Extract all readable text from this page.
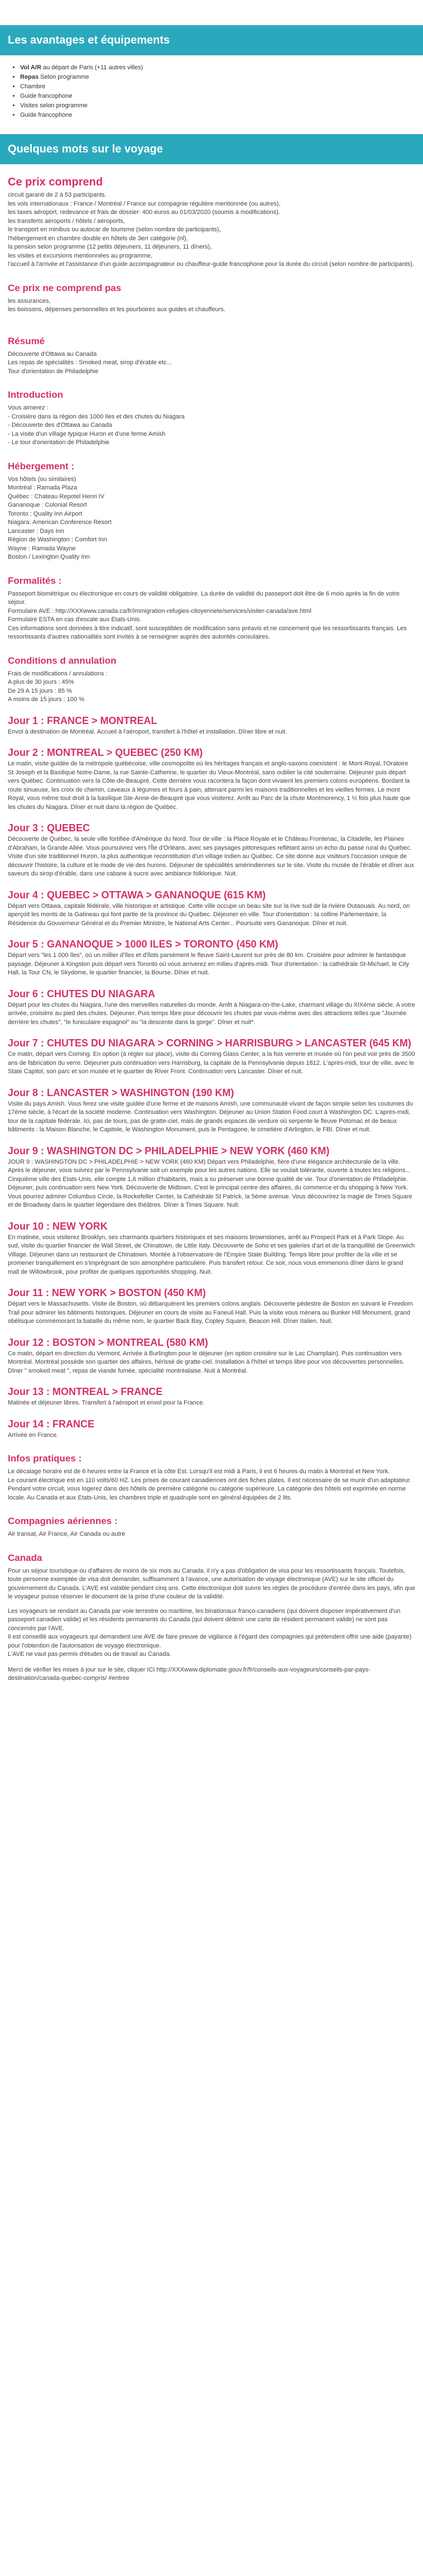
Les avantages et équipements
• Vol A/R au départ de Paris (+11 autres villes)
• Repas Selon programme
• Chambre
• Guide francophone
• Visites selon programme
• Guide francophone
Quelques mots sur le voyage
Ce prix comprend
circuit garanti de 2 à 53 participants.
les vols internationaux : France / Montréal / France sur compagnie régulière mentionnée (ou autres),
les taxes aéroport, redevance et frais de dossier: 400 euros au 01/03/2020 (soumis à modifications).
les transferts aéroports / hôtels / aéroports,
le transport en minibus ou autocar de tourisme (selon nombre de participants),
l'hébergement en chambre double en hôtels de 3err catégorie (nl),
la pension selon programme (12 petits déjeuners, 11 déjeuners, 11 dîners),
les visites et excursions mentionnées au programme,
l'accueil à l'arrivée et l'assistance d'un guide accompagnateur ou chauffeur-guide francophone pour la durée du circuit (selon nombre de participants).
Ce prix ne comprend pas
les assurances,
les boissons, dépenses personnelles et les pourboires aux guides et chauffeurs.
Résumé
Découverte d'Ottawa au Canada
Les repas de spécialités : Smoked meat, sirop d'érable etc...
Tour d'orientation de Philadelphie
Introduction
Vous aimerez :
- Croisière dans la région des 1000 Iles et des chutes du Niagara
- Découverte des d'Ottawa au Canada
- La visite d'un village typique Huron et d'une ferme Amish
- Le tour d'orientation de Philadelphie
Hébergement :
Vos hôtels (ou similaires)
Montréal : Ramada Plaza
Québec : Chateau Repotel Henri IV
Gananoque : Colonial Resort
Toronto : Quality Inn Airport
Niagara: American Conference Resort
Lancaster : Days Inn
Région de Washington : Comfort Inn
Wayne : Ramada Wayne
Boston / Lexington Quality Inn
Formalités :
Passeport biométrique ou électronique en cours de validité obligatoire. La durée de validité du passeport doit être de 6 mois après la fin de votre séjour.
Formulaire AVE : http://XXXwww.canada.ca/fr/immigration-refugies-citoyennete/services/visiter-canada/ave.html
Formulaire ESTA en cas d'escale aux Etats-Unis.
Ces informations sont données à titre indicatif, sont susceptibles de modification sans préavis et ne concernent que les ressortissants français. Les ressortissants d'autres nationalités sont invités à se renseigner auprès des autorités consulaires.
Conditions d annulation
Frais de modifications / annulations :
A plus de 30 jours : 45%
De 29 A 15 jours : 85 %
A moins de 15 jours : 100 %
Jour 1 : FRANCE > MONTREAL

Envol à destination de Montréal. Accueil à l'aéroport, transfert à l'hôtel et installation. Dîner libre et nuit.

Jour 2 : MONTREAL > QUEBEC (250 KM)

Le matin, visite guidée de la métropole québécoise, ville cosmopolite où les héritages français et anglo-saxons coexistent : le Mont-Royal, l'Oratoire St Joseph et la Basilique Notre-Dame, la rue Sainte-Catherine, le quartier du Vieux-Montréal, sans oublier la cité souterraine. Déjeuner puis départ vers Québec. Continuation vers la Côte-de-Beaupré. Cette dernière vous racontera la façon dont vivaient les premiers colons européens. Bordant la route sinueuse, les croix de chemin, caveaux à légumes et fours à pain, attenant parmi les maisons traditionnelles et les vieilles fermes. Le mont Royal, vous même tout droit à la basilique Ste-Anne-de-Beaupré que vous visiterez. Arrêt au Parc de la chute Montmorency, 1 ½ fois plus haute que les chutes du Niagara. Dîner et nuit dans la région de Québec.

Jour 3 : QUEBEC

Découverte de Québec, la seule ville fortifiée d'Amérique du Nord. Tour de ville : la Place Royale et le Château Frontenac, la Citadelle, les Plaines d'Abraham, la Grande Allée. Vous poursuivrez vers l'Île d'Orléans, avec ses paysages pittoresques reflétant ainsi un écho du passé rural du Québec. Visite d'un site traditionnel Huron, la plus authentique reconstitution d'un village indien au Québec. Ce site donne aux visiteurs l'occasion unique de découvrir l'histoire, la culture et le mode de vie des hurons. Déjeuner de spécialités amérindiennes sur le site. Visite du musée de l'érable et dîner aux saveurs du sirop d'érable, dans une cabane à sucre avec ambiance folklorique. Nuit.

Jour 4 : QUEBEC > OTTAWA > GANANOQUE (615 KM)

Départ vers Ottawa, capitale fédérale, ville historique et artistique. Cette ville occupe un beau site sur la rive sud de la rivière Outaouais. Au nord, on aperçoit les monts de la Gatineau qui font partie de la province du Québec. Déjeuner en ville. Tour d'orientation : la colline Parlementaire, la Résidence du Gouverneur Général et du Premier Ministre, le National Arts Center... Poursuite vers Gananoque. Dîner et nuit.

Jour 5 : GANANOQUE > 1000 ILES > TORONTO (450 KM)

Départ vers "les 1 000 îles", où un millier d'îles et d'îlots parsèment le fleuve Saint-Laurent sur près de 80 km. Croisière pour admirer le fantastique paysage. Déjeuner à Kingston puis départ vers Toronto où vous arriverez en milieu d'après-midi. Tour d'orientation : la cathédrale St-Michael, le City Hall, la Tour CN, le Skydome, le quartier financier, la Bourse. Dîner et nuit.

Jour 6 : CHUTES DU NIAGARA

Départ pour les chutes du Niagara, l'une des merveilles naturelles du monde. Arrêt à Niagara-on-the-Lake, charmant village du XIXème siècle. A votre arrivée, croisière au pied des chutes. Déjeuner. Puis temps libre pour découvrir les chutes par vous-même avec des attractions telles que "Journée derrière les chutes", "le funiculaire espagnol" ou "la descente dans la gorge". Dîner et nuit*.

Jour 7 : CHUTES DU NIAGARA > CORNING > HARRISBURG > LANCASTER (645 KM)

Ce matin, départ vers Corning. En option (à régler sur place), visite du Corning Glass Center, a la fois verrerie et musée où l'on peut voir près de 3500 ans de fabrication du verre. Déjeuner puis continuation vers Harrisburg, la capitale de la Pennsylvanie depuis 1812. L'après-midi, tour de ville, avec le State Capitol, son parc et son musée et le quartier de River Front. Continuation vers Lancaster. Dîner et nuit.

Jour 8 : LANCASTER > WASHINGTON (190 KM)

Visite du pays Amish. Vous ferez une visite guidée d'une ferme et de maisons Amish, une communauté vivant de façon simple selon les coutumes du 17ème siècle, à l'écart de la société moderne. Continuation vers Washington. Déjeuner au Union Station Food court à Washington DC. L'après-midi, tour de la capitale fédérale. Ici, pas de tours, pas de gratte-ciel, mais de grands espaces de verdure où serpente le fleuve Potomac et de beaux bâtiments : la Maison Blanche, le Capitole, le Washington Monument, puis le Pentagone, le cimetière d'Arlington, le FBI. Dîner et nuit.

Jour 9 : WASHINGTON DC > PHILADELPHIE > NEW YORK (460 KM)

JOUR 9 : WASHINGTON DC > PHILADELPHIE > NEW YORK (460 KM) Départ vers Philadelphie, fière d'une élégance architecturale de la ville. Après le déjeuner, vous suivrez par le Pennsylvanie soit un exemple pour les autres nations. Elle se voulait tolérante, ouverte à toutes les religions... Cinquième ville des Etats-Unis, elle compte 1,6 million d'habitants, mais a su préserver une bonne qualité de vie. Tour d'orientation de Philadelphie. Déjeuner, puis continuation vers New York. Découverte de Midtown. C'est le principal centre des affaires, du commerce et du shopping à New York. Vous pourrez admirer Columbus Circle, la Rockefeller Center, la Cathédrale St Patrick, la 5ème avenue. Vous découvrirez la magie de Times Square et de Broadway dans le quartier légendaire des théâtres. Dîner à Times Square. Nuit.

Jour 10 : NEW YORK

En matinée, vous visiterez Brooklyn, ses charmants quartiers historiques et ses maisons brownstones, arrêt au Prospect Park et à Park Slope. Au sud, visite du quartier financier de Wall Street, de Chinatown, de Little Italy. Découverte de Soho et ses galeries d'art et de la tranquillité de Greenwich Village. Déjeuner dans un restaurant de Chinatown. Montée à l'observatoire de l'Empire State Building. Temps libre pour profiter de la ville et se promener tranquillement en s'imprégnant de son atmosphère particulière. Puis transfert retour. Ce soir, nous vous emmenons dîner dans le grand mall de Willowbrook, pour profiter de quelques opportunités shopping. Nuit.

Jour 11 : NEW YORK > BOSTON (450 KM)

Départ vers le Massachusetts. Visite de Boston, où débarquèrent les premiers colons anglais. Découverte pédestre de Boston en suivant le Freedom Trail pour admirer les bâtiments historiques. Déjeuner en cours de visite au Faneuil Hall. Puis la visite vous mènera au Bunker Hill Monument, grand obélisque commémorant la bataille du même nom, le quartier Back Bay, Copley Square, Beacon Hill. Dîner Italien. Nuit.

Jour 12 : BOSTON > MONTREAL (580 KM)

Ce matin, départ en direction du Vermont. Arrivée à Burlington pour le déjeuner (en option croisière sur le Lac Champlain). Puis continuation vers Montréal. Montréal possède son quartier des affaires, hérissé de gratte-ciel. Installation à l'hôtel et temps libre pour vos découvertes personnelles. Dîner " smoked meat ", repas de viande fumée, spécialité montréalaise. Nuit à Montréal.

Jour 13 : MONTREAL > FRANCE

Matinée et déjeuner libres. Transfert à l'aéroport et envol pour la France.

Jour 14 : FRANCE

Arrivée en France.

Infos pratiques :
Le décalage horaire est de 6 heures entre la France et la côte Est. Lorsqu'il est midi à Paris, il est 6 heures du matin à Montréal et New York.
Le courant électrique est en 110 volts/60 HZ. Les prises de courant canadiennes ont des fiches plates. Il est nécessaire de se munir d'un adaptateur.
Pendant votre circuit, vous logerez dans des hôtels de première catégorie ou catégorie supérieure. La catégorie des hôtels est exprimée en norme locale. Au Canada et aux Etats-Unis, les chambres triple et quadruple sont en général équipées de 2 lits.
Compagnies aériennes :
Air transat, Air France, Air Canada ou autre
Canada
Pour un séjour touristique ou d'affaires de moins de six mois au Canada, il n'y a pas d'obligation de visa pour les ressortissants français. Toutefois, toute personne exemptée de visa doit demander, suffisamment à l'avance, une autorisation de voyage électronique (AVE) sur le site officiel du gouvernement du Canada. L'AVE est valable pendant cinq ans. Cette électronique doit suivre les règles de procédure d'entrée dans les pays, afin que le voyageur puisse réserver le document de la prise d'une couleur de la validité.
Les voyageurs se rendant au Canada par voie terrestre ou maritime, les binationaux franco-canadiens (qui doivent disposer impérativement d'un passeport canadien valide) et les résidents permanents du Canada (qui doivent détenir une carte de résident permanent valide) ne sont pas concernés par l'AVE.
Il est conseillé aux voyageurs qui demandent une AVE de faire preuve de vigilance à l'égard des compagnies qui prétendent offrir une aide (payante) pour l'obtention de l'autorisation de voyage électronique.
L'AVE ne vaut pas permis d'études ou de travail au Canada.
Merci de vérifier les mises à jour sur le site, cliquer ICI http://XXXwww.diplomatie.gouv.fr/fr/conseils-aux-voyageurs/conseils-par-pays-destination/canada-quebec-compris/ #entree
